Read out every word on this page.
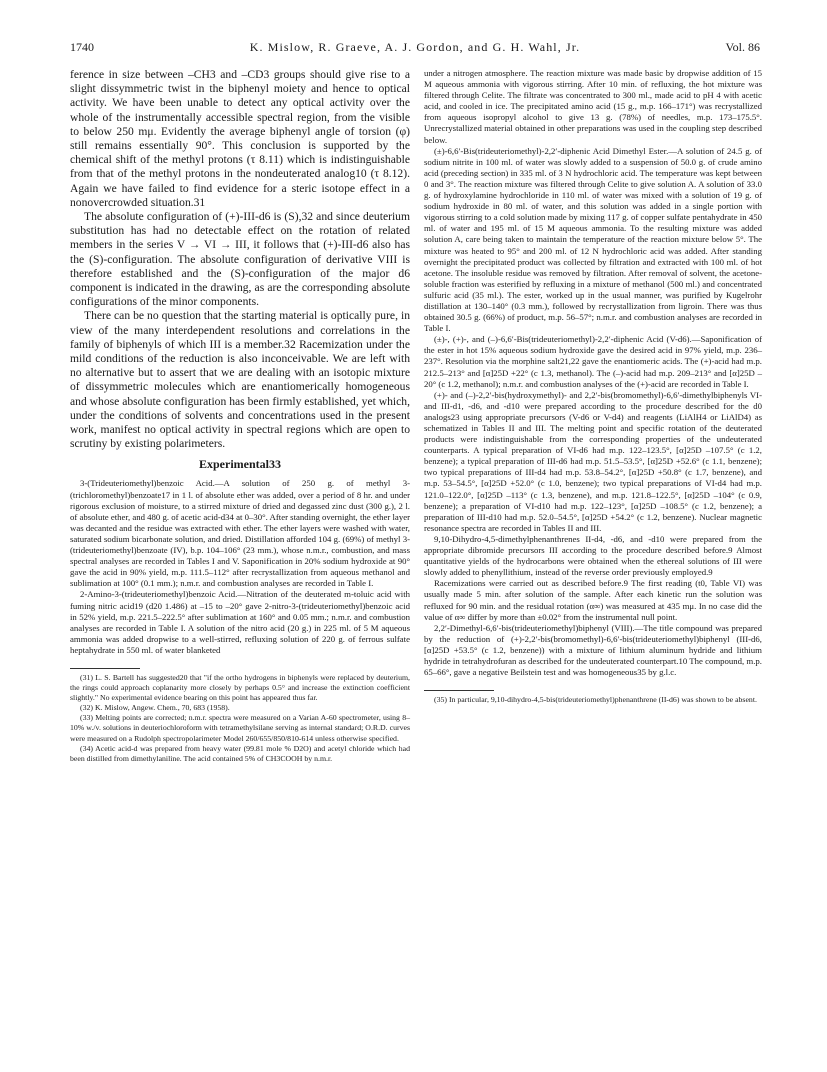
1740	K. Mislow, R. Graeve, A. J. Gordon, and G. H. Wahl, Jr.	Vol. 86

ference in size between –CH3 and –CD3 groups should give rise to a slight dissymmetric twist in the biphenyl moiety and hence to optical activity. We have been unable to detect any optical activity over the whole of the instrumentally accessible spectral region, from the visible to below 250 mμ. Evidently the average biphenyl angle of torsion (φ) still remains essentially 90°. This conclusion is supported by the chemical shift of the methyl protons (τ 8.11) which is indistinguishable from that of the methyl protons in the nondeuterated analog10 (τ 8.12). Again we have failed to find evidence for a steric isotope effect in a nonovercrowded situation.31

The absolute configuration of (+)-III-d6 is (S),32 and since deuterium substitution has had no detectable effect on the rotation of related members in the series V → VI → III, it follows that (+)-III-d6 also has the (S)-configuration. The absolute configuration of derivative VIII is therefore established and the (S)-configuration of the major d6 component is indicated in the drawing, as are the corresponding absolute configurations of the minor components.

There can be no question that the starting material is optically pure, in view of the many interdependent resolutions and correlations in the family of biphenyls of which III is a member.32 Racemization under the mild conditions of the reduction is also inconceivable. We are left with no alternative but to assert that we are dealing with an isotopic mixture of dissymmetric molecules which are enantiomerically homogeneous and whose absolute configuration has been firmly established, yet which, under the conditions of solvents and concentrations used in the present work, manifest no optical activity in spectral regions which are open to scrutiny by existing polarimeters.

Experimental33

3-(Trideuteriomethyl)benzoic Acid.—A solution of 250 g. of methyl 3-(trichloromethyl)benzoate17 in 1 l. of absolute ether was added, over a period of 8 hr. and under rigorous exclusion of moisture, to a stirred mixture of dried and degassed zinc dust (300 g.), 2 l. of absolute ether, and 480 g. of acetic acid-d34 at 0–30°. After standing overnight, the ether layer was decanted and the residue was extracted with ether. The ether layers were washed with water, saturated sodium bicarbonate solution, and dried. Distillation afforded 104 g. (69%) of methyl 3-(trideuteriomethyl)benzoate (IV), b.p. 104–106° (23 mm.), whose n.m.r., combustion, and mass spectral analyses are recorded in Tables I and V. Saponification in 20% sodium hydroxide at 90° gave the acid in 90% yield, m.p. 111.5–112° after recrystallization from aqueous methanol and sublimation at 100° (0.1 mm.); n.m.r. and combustion analyses are recorded in Table I.

2-Amino-3-(trideuteriomethyl)benzoic Acid.—Nitration of the deuterated m-toluic acid with fuming nitric acid19 (d20 1.486) at –15 to –20° gave 2-nitro-3-(trideuteriomethyl)benzoic acid in 52% yield, m.p. 221.5–222.5° after sublimation at 160° and 0.05 mm.; n.m.r. and combustion analyses are recorded in Table I. A solution of the nitro acid (20 g.) in 225 ml. of 5 M aqueous ammonia was added dropwise to a well-stirred, refluxing solution of 220 g. of ferrous sulfate heptahydrate in 550 ml. of water blanketed

(31) L. S. Bartell has suggested20 that "if the ortho hydrogens in biphenyls were replaced by deuterium, the rings could approach coplanarity more closely by perhaps 0.5° and increase the extinction coefficient slightly." No experimental evidence bearing on this point has appeared thus far.

(32) K. Mislow, Angew. Chem., 70, 683 (1958).

(33) Melting points are corrected; n.m.r. spectra were measured on a Varian A-60 spectrometer, using 8–10% w./v. solutions in deuteriochloroform with tetramethylsilane serving as internal standard; O.R.D. curves were measured on a Rudolph spectropolarimeter Model 260/655/850/810-614 unless otherwise specified.

(34) Acetic acid-d was prepared from heavy water (99.81 mole % D2O) and acetyl chloride which had been distilled from dimethylaniline. The acid contained 5% of CH3COOH by n.m.r.

under a nitrogen atmosphere. The reaction mixture was made basic by dropwise addition of 15 M aqueous ammonia with vigorous stirring. After 10 min. of refluxing, the hot mixture was filtered through Celite. The filtrate was concentrated to 300 ml., made acid to pH 4 with acetic acid, and cooled in ice. The precipitated amino acid (15 g., m.p. 166–171°) was recrystallized from aqueous isopropyl alcohol to give 13 g. (78%) of needles, m.p. 173–175.5°. Unrecrystallized material obtained in other preparations was used in the coupling step described below.

(±)-6,6′-Bis(trideuteriomethyl)-2,2′-diphenic Acid Dimethyl Ester.—A solution of 24.5 g. of sodium nitrite in 100 ml. of water was slowly added to a suspension of 50.0 g. of crude amino acid (preceding section) in 335 ml. of 3 N hydrochloric acid. The temperature was kept between 0 and 3°. The reaction mixture was filtered through Celite to give solution A. A solution of 33.0 g. of hydroxylamine hydrochloride in 110 ml. of water was mixed with a solution of 19 g. of sodium hydroxide in 80 ml. of water, and this solution was added in a single portion with vigorous stirring to a cold solution made by mixing 117 g. of copper sulfate pentahydrate in 450 ml. of water and 195 ml. of 15 M aqueous ammonia. To the resulting mixture was added solution A, care being taken to maintain the temperature of the reaction mixture below 5°. The mixture was heated to 95° and 200 ml. of 12 N hydrochloric acid was added. After standing overnight the precipitated product was collected by filtration and extracted with 100 ml. of hot acetone. The insoluble residue was removed by filtration. After removal of solvent, the acetone-soluble fraction was esterified by refluxing in a mixture of methanol (500 ml.) and concentrated sulfuric acid (35 ml.). The ester, worked up in the usual manner, was purified by Kugelrohr distillation at 130–140° (0.3 mm.), followed by recrystallization from ligroin. There was thus obtained 30.5 g. (66%) of product, m.p. 56–57°; n.m.r. and combustion analyses are recorded in Table I.

(±)-, (+)-, and (–)-6,6′-Bis(trideuteriomethyl)-2,2′-diphenic Acid (V-d6).—Saponification of the ester in hot 15% aqueous sodium hydroxide gave the desired acid in 97% yield, m.p. 236–237°. Resolution via the morphine salt21,22 gave the enantiomeric acids. The (+)-acid had m.p. 212.5–213° and [α]25D +22° (c 1.3, methanol). The (–)-acid had m.p. 209–213° and [α]25D –20° (c 1.2, methanol); n.m.r. and combustion analyses of the (+)-acid are recorded in Table I.

(+)- and (–)-2,2′-bis(hydroxymethyl)- and 2,2′-bis(bromomethyl)-6,6′-dimethylbiphenyls VI- and III-d1, -d6, and -d10 were prepared according to the procedure described for the d0 analogs23 using appropriate precursors (V-d6 or V-d4) and reagents (LiAlH4 or LiAlD4) as schematized in Tables II and III. The melting point and specific rotation of the deuterated products were indistinguishable from the corresponding properties of the undeuterated counterparts. A typical preparation of VI-d6 had m.p. 122–123.5°, [α]25D –107.5° (c 1.2, benzene); a typical preparation of III-d6 had m.p. 51.5–53.5°, [α]25D +52.6° (c 1.1, benzene); two typical preparations of III-d4 had m.p. 53.8–54.2°, [α]25D +50.8° (c 1.7, benzene), and m.p. 53–54.5°, [α]25D +52.0° (c 1.0, benzene); two typical preparations of VI-d4 had m.p. 121.0–122.0°, [α]25D –113° (c 1.3, benzene), and m.p. 121.8–122.5°, [α]25D –104° (c 0.9, benzene); a preparation of VI-d10 had m.p. 122–123°, [α]25D –108.5° (c 1.2, benzene); a preparation of III-d10 had m.p. 52.0–54.5°, [α]25D +54.2° (c 1.2, benzene). Nuclear magnetic resonance spectra are recorded in Tables II and III.

9,10-Dihydro-4,5-dimethylphenanthrenes II-d4, -d6, and -d10 were prepared from the appropriate dibromide precursors III according to the procedure described before.9 Almost quantitative yields of the hydrocarbons were obtained when the ethereal solutions of III were slowly added to phenyllithium, instead of the reverse order previously employed.9

Racemizations were carried out as described before.9 The first reading (t0, Table VI) was usually made 5 min. after solution of the sample. After each kinetic run the solution was refluxed for 90 min. and the residual rotation (α∞) was measured at 435 mμ. In no case did the value of α∞ differ by more than ±0.02° from the instrumental null point.

2,2′-Dimethyl-6,6′-bis(trideuteriomethyl)biphenyl (VIII).—The title compound was prepared by the reduction of (+)-2,2′-bis(bromomethyl)-6,6′-bis(trideuteriomethyl)biphenyl (III-d6, [α]25D +53.5° (c 1.2, benzene)) with a mixture of lithium aluminum hydride and lithium hydride in tetrahydrofuran as described for the undeuterated counterpart.10 The compound, m.p. 65–66°, gave a negative Beilstein test and was homogeneous35 by g.l.c.

(35) In particular, 9,10-dihydro-4,5-bis(trideuteriomethyl)phenanthrene (II-d6) was shown to be absent.
